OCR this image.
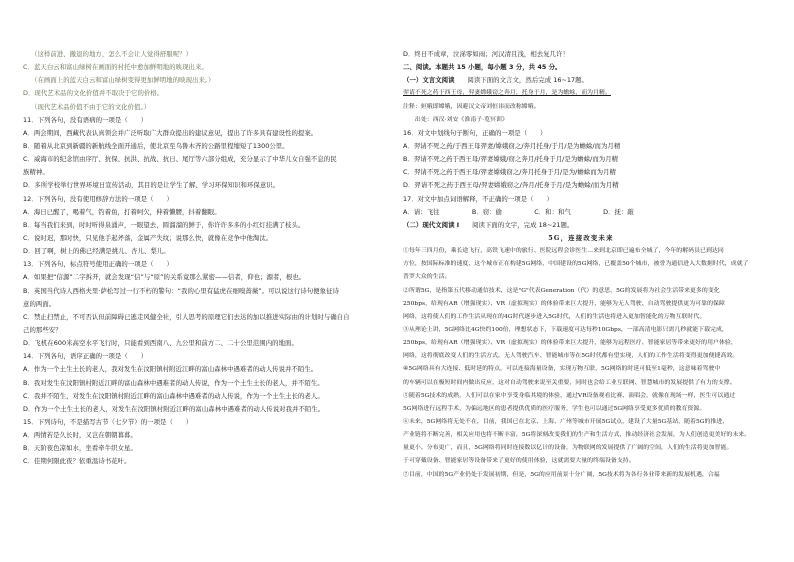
（这样前进、撤退的地方，怎么不会让人觉得舒服呢？）
C．蓝天白云和富山绿树在画面的衬托中愈加鲜明地的映现出来。
（在画面上的蓝天白云和富山绿树变得更加鲜明地的映现出来。）
D．现代艺术品的文化价值并不取决于它的价格。
（现代艺术品价值不由于它的文化价值。）
11．下列各句，没有语病的一项是（　　）
A．两会期间，西藏代表认真领会并广泛听取广大群众提出的建议意见，提出了许多具有建设性的提案。
B．随着从北京到新疆的新航线全面开通后，使北京至乌鲁木齐的公路里程缩短了1300公里。
C．威海市的纪念馆由序厅、抗保、抗洪、抗战、抗日、尾厅等六部分组成，充分显示了中华儿女自强不息的民
族精神。
D．多所学校举行世界环境日宣传活动，其目的是让学生了解、学习环保知识和环保意识。
12．下列各句，没有使用修辞方法的一项是（　　）
A．海日已醒了，喝着气，钓着鱼，打着呵欠，伸着懒腰，抖着翻眼。
B．每当我们来到，时时听得泉涌声，一眼望去，圆溜溜的鲜于，你许许多多的小红灯挂满了枝头。
C．说时迟，那时快，只见他手起斧落，金属产失纹；说那么快，就像在竞争中他淘汰。
D．回了啊，树上的佛已经满是挑儿、杏儿、梨儿。
13．下列各句，标点符号使用正确的一项是（　　）
A．如果把“信源”二字拆开，就会发现“信”与“原”的关系竟那么紧密——信者，仰也；源者，根也。
B．英国当代诗人西格夫里·萨松写过一行不朽的警句：“我的心里有猛虎在细嗅蔷薇”。可以说这行诗句便象征诗
意的两面。
C．禁止扫禁止，不可否认但前障碍已逃走风健全社，引人思考的原理它们去达的加以推进实际由的计划时与确自自
己的那些安？
D．飞机在600米高空水平飞行时，只能看到西南八、九公里和前方二、二十公里范围内的地面。
14．下列各句，语序正确的一项是（　　）
A．作为一个土生土长的老人，我对发生在汶阳镇村附近江畔的富山森林中遇难者的动人传说并不陌生。
B．我对发生在汶阳镇村附近江畔的富山森林中遇难者的动人传说，作为一个土生土长的老人，并不陌生。
C．我并不陌生，对发生在汶阳镇村附近江畔的富山森林中遇难者的动人传说，作为一个土生土长的老人。
D．作为一个土生土长的老人，对发生在汶阳镇村附近江畔的富山森林中遇难者的动人传说对我并不陌生。
15．下列诗句，不是描写古节（七夕节）的一项是（　　）
A．两情若是久长时，又岂在朝朝暮暮。
B．天阶夜色凉如水，坐看牵牛织女星。
C．佳期何限此夜？依重温诗书花叶。
D．终日不成章，泣涕零如雨；河汉清且浅，相去复几许！
二、阅读。本题共 15 小题，每小题 3 分，共 45 分。
（一）文言文阅读　　阅读下面的文言文，然后完成 16~17题。
羿请不死之药于西王母，羿妻嫦娥窃之奔月，托身于月，是为蟾蜍，而为月精。
注释：姮娥即嫦娥，因避汉文帝刘恒讳而改称嫦娥。
　　出处：西汉·刘安《淮南子·览冥训》
16．对文中划线句子断句，正确的一项是（　　）
A．羿请不死之药/于西王母羿妻/嫦娥窃之/奔月托身/于月/是为蟾蜍/而为月精
B．羿请不死之药于西王母/羿妻嫦娥/窃之奔月/托身于月/是为蟾蜍/而为月精
C．羿请不死之药于西王母/羿妻嫦娥窃之/奔月托身于月/是为/蟾蜍而为月精
D．羿请不死之药于西王母/羿妻嫦娥窃之/奔月/托身于月/是为蟾蜍/而为月精
17．对文中加点词语解释，不正确的一项是（　　）
A．请：飞往　　　　　B．窃：偷　　　　　C．和：和气　　　　　D．抚：敲
（二）现代文阅读 I　　阅读下面的文字，完成 18~21题。
5G，连接改变未来
①每年三四月份，乘长途飞行，高铁飞速中的旅行、医院远程会诊医生…来到北京即已遍布全城了，今年的解码员已到达同
方位，按国际标准的速度，这个城市正在构建5G网络，中国建设的5G网络，已覆盖50个城市，被誉为通信进入大数据时代，成就了
普罗大众的生活。
②所谓5G，是指第五代移动通信技术，这是"G"代表Generation（代）的意思，5G的发展将为社会生活带来更多的变化
250bps，给现有AR（增强现实）、VR（虚拟现实）的体验带来巨大提升，能够为无人驾驶、自动驾驶提供更为可靠的保障
网络，这将使人们的工作生活从现在的4G时代逐步进入5G时代，人们的生活也将进入更加智能化的万物互联时代。
③从理论上讲，5G网络比4G快约100倍，理想状态下，下载速度可达每秒10Gbps，一部高清电影只需几秒就能下载完成，
250bps，给现有AR（增强现实）、VR（虚拟现实）的体验带来巨大提升，能够为远程医疗、智能家居等带来更好的用户体验，
网络，这将彻底改变人们的生活方式，无人驾驶汽车、智能城市等在5G时代都有望实现，人们的工作生活将变得更加便捷高效。
④5G网络具有大连接、低时延的特点，可以连接海量设备，实现万物互联，5G网络的时延可低至1毫秒，这意味着驾驶中
的车辆可以在极短时间内做出反应，这对自动驾驶来说至关重要，同时也会给工业互联网、智慧城市的发展提供了有力的支撑。
⑤随着5G技术的成熟，人们可以在家中享受身临其境的体验，通过VR设备观看比赛、演唱会，就像在现场一样，医生可以通过
5G网络进行远程手术，为偏远地区的患者提供优质的医疗服务，学生也可以通过5G网络享受更多优质的教育资源。
⑥未来，5G网络将无处不在，目前，我国已在北京、上海、广州等城市开展5G试点，建设了大量5G基站，随着5G的推进，
产业链将不断完善，相关应用也将不断丰富，5G将深刻改变我们的生产和生活方式，推动经济社会发展，为人们创造更美好的未来。
量更小、分布更广，而且，5G网络将同时连接数以亿计的设备，为物联网的发展提供了广阔的空间，人们的生活将更加智能。
于可穿戴设备、智能家居等设备带来了更好的使用体验，这就需要大量的终端设备支持。
⑦目前，中国的5G产业仍处于发展初期，但是，5G的应用前景十分广阔，5G技术将为各行各业带来新的发展机遇，合福
